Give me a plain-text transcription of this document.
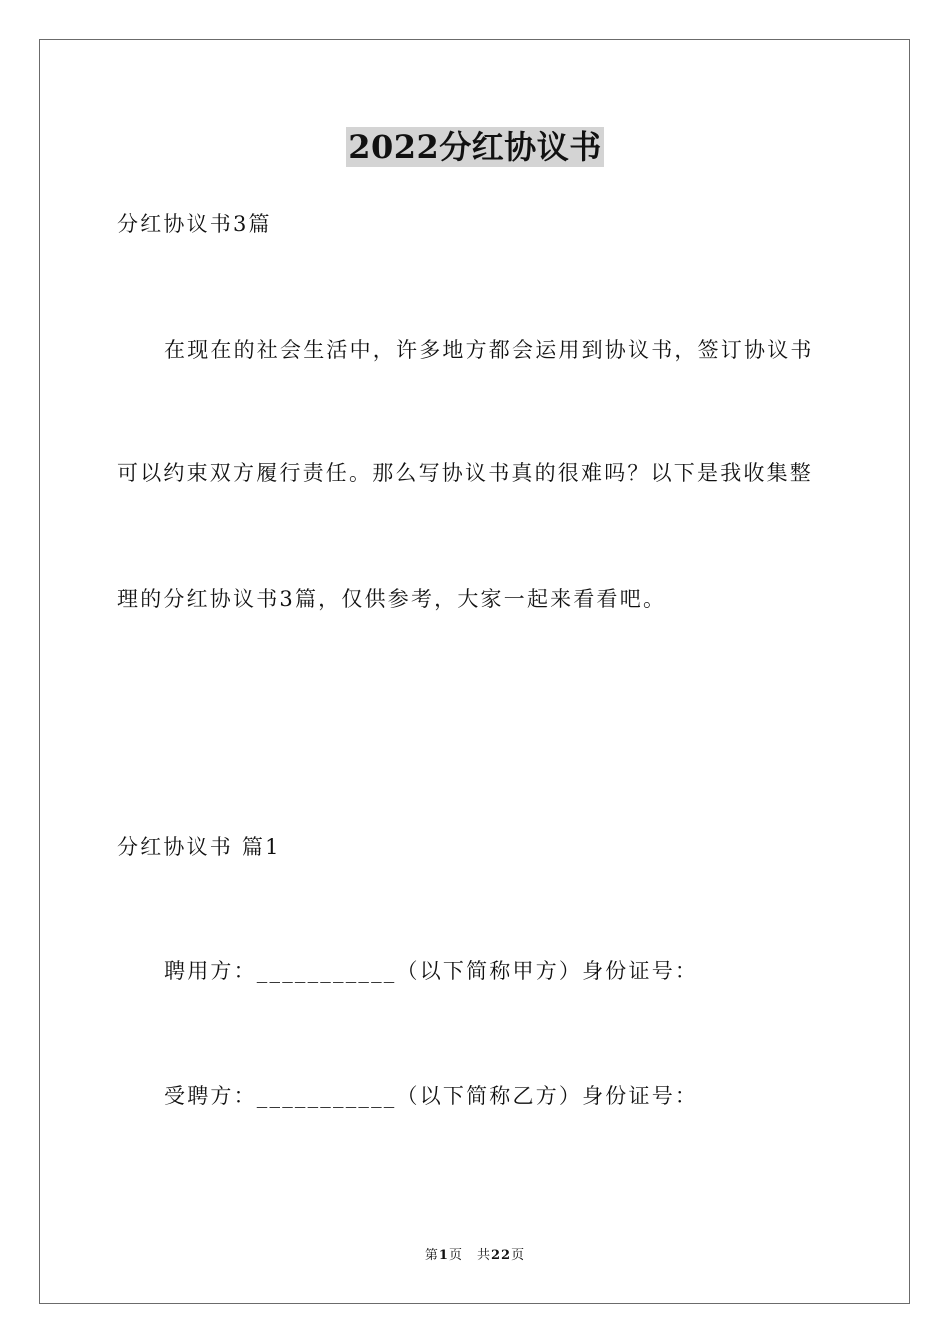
2022分红协议书
分红协议书3篇
在现在的社会生活中，许多地方都会运用到协议书，签订协议书
可以约束双方履行责任。那么写协议书真的很难吗？以下是我收集整
理的分红协议书3篇，仅供参考，大家一起来看看吧。
分红协议书 篇1
聘用方：___________（以下简称甲方）身份证号：
受聘方：___________（以下简称乙方）身份证号：
第1页　共22页
